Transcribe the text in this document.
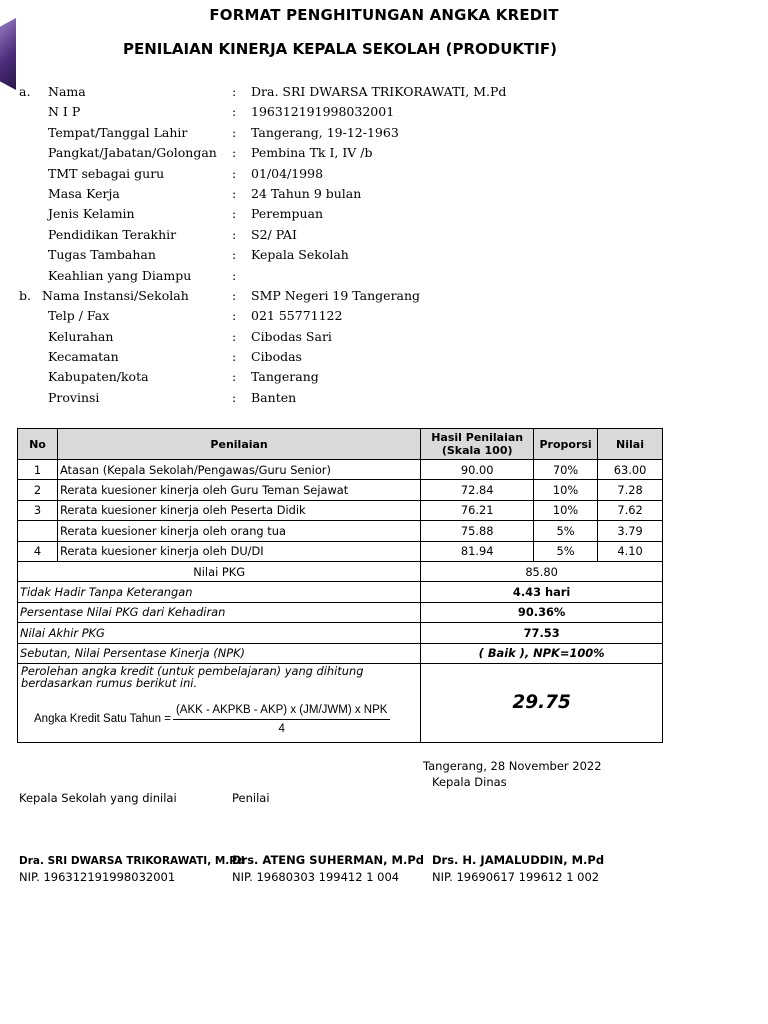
FORMAT PENGHITUNGAN ANGKA KREDIT
PENILAIAN KINERJA KEPALA SEKOLAH (PRODUKTIF)
a. Nama	: Dra. SRI DWARSA TRIKORAWATI, M.Pd
N I P	: 196312191998032001
Tempat/Tanggal Lahir	: Tangerang, 19-12-1963
Pangkat/Jabatan/Golongan : Pembina Tk I, IV /b
TMT sebagai guru	: 01/04/1998
Masa Kerja	: 24 Tahun 9 bulan
Jenis Kelamin	: Perempuan
Pendidikan Terakhir	: S2/ PAI
Tugas Tambahan	: Kepala Sekolah
Keahlian yang Diampu	:
b. Nama Instansi/Sekolah	: SMP Negeri 19 Tangerang
Telp / Fax	: 021 55771122
Kelurahan	: Cibodas Sari
Kecamatan	: Cibodas
Kabupaten/kota	: Tangerang
Provinsi	: Banten
No	Penilaian	Hasil Penilaian (Skala 100)	Proporsi	Nilai
1	Atasan (Kepala Sekolah/Pengawas/Guru Senior)	90.00	70%	63.00
2	Rerata kuesioner kinerja oleh Guru Teman Sejawat	72.84	10%	7.28
3	Rerata kuesioner kinerja oleh Peserta Didik	76.21	10%	7.62
	Rerata kuesioner kinerja oleh orang tua	75.88	5%	3.79
4	Rerata kuesioner kinerja oleh DU/DI	81.94	5%	4.10
Nilai PKG		85.80		
Tidak Hadir Tanpa Keterangan		4.43 hari		
Persentase Nilai PKG dari Kehadiran		90.36%		
Nilai Akhir PKG		77.53		
Sebutan, Nilai Persentase Kinerja (NPK)		( Baik ), NPK=100%		

Perolehan angka kredit (untuk pembelajaran) yang dihitung berdasarkan rumus berikut ini.
Angka Kredit Satu Tahun = $\frac{\text{(AKK - AKPKB - AKP) x (JM/JWM) x NPK}}{4}$		29.75		
Tangerang, 28 November 2022
Kepala Dinas
Kepala Sekolah yang dinilai	Penilai
Dra. SRI DWARSA TRIKORAWATI, M.Pd
Drs. ATENG SUHERMAN, M.Pd Drs. H. JAMALUDDIN, M.Pd
NIP. 196312191998032001	NIP. 19680303 199412 1 004	NIP. 19690617 199612 1 002
